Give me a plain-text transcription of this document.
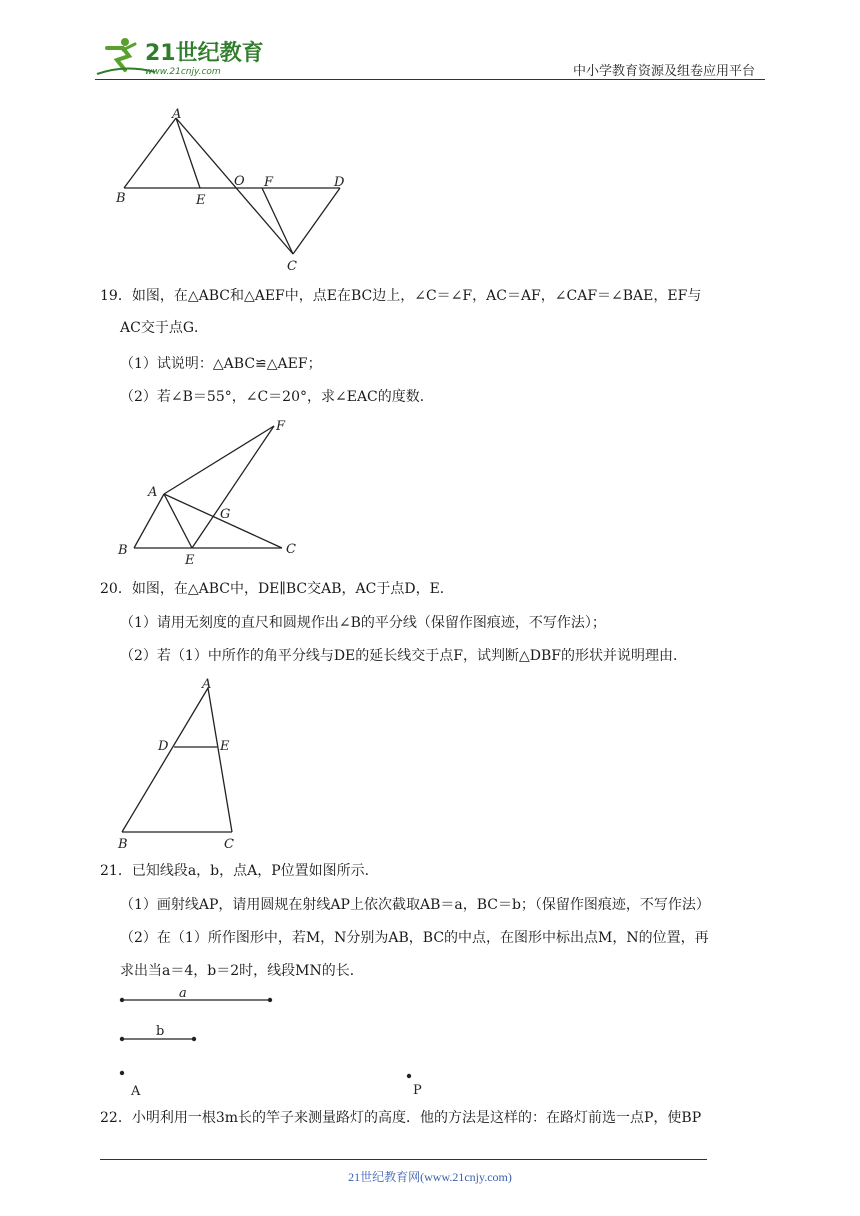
21世纪教育
www.21cnjy.com	中小学教育资源及组卷应用平台
A
B	E
O F	D
C
19．如图，在△ABC和△AEF中，点E在BC边上，∠C＝∠F，AC＝AF，∠CAF＝∠BAE，EF与
AC交于点G．
（1）试说明：△ABC≌△AEF；
（2）若∠B＝55°，∠C＝20°，求∠EAC的度数．
A
B
E
G
C
F
20．如图，在△ABC中，DE∥BC交AB，AC于点D，E．
（1）请用无刻度的直尺和圆规作出∠B的平分线（保留作图痕迹，不写作法）；
（2）若（1）中所作的角平分线与DE的延长线交于点F，试判断△DBF的形状并说明理由．
A
D	E
B	C
21．已知线段a，b，点A，P位置如图所示．
（1）画射线AP，请用圆规在射线AP上依次截取AB＝a，BC＝b；（保留作图痕迹，不写作法）
（2）在（1）所作图形中，若M，N分别为AB，BC的中点，在图形中标出点M，N的位置，再
求出当a＝4，b＝2时，线段MN的长．
a
b
A	P
22．小明利用一根3m长的竿子来测量路灯的高度．他的方法是这样的：在路灯前选一点P，使BP
21世纪教育网(www.21cnjy.com)
